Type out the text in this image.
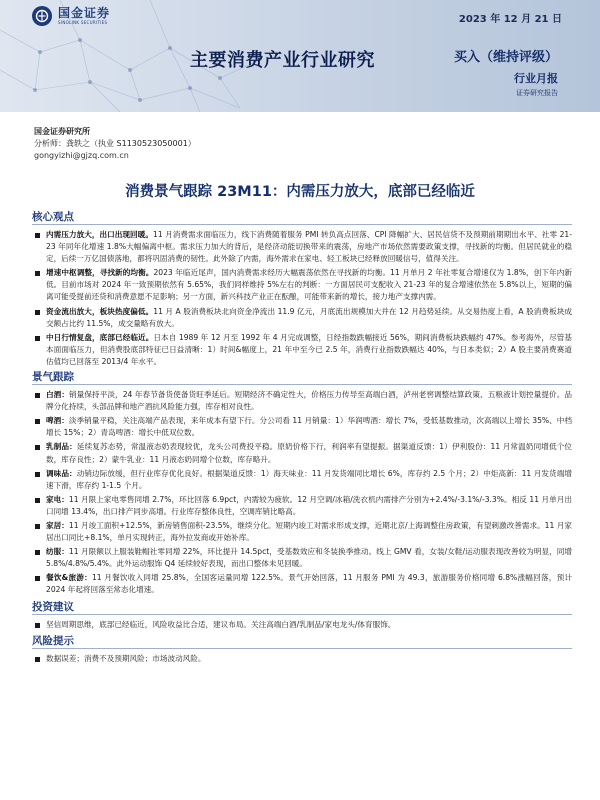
国金证券
SINOLINK SECURITIES	2023 年 12 月 21 日
主要消费产业行业研究	买入（维持评级）
行业月报
证券研究报告
国金证券研究所
分析师：龚轶之（执业 S1130523050001）
gongyizhi@gjzq.com.cn
消费景气跟踪 23M11：内需压力放大，底部已经临近
核心观点
内需压力放大，出口出现回暖。11 月消费需求面临压力，线下消费随着服务 PMI 转负高点回落、CPI 降幅扩大、居民信贷不及预期前期期出水平、社零 21-23 年同年化增速 1.8%大幅偏离中枢。需求压力加大的背后，是经济动能切换带来的震荡，房地产市场依然需要政策支撑，寻找新的均衡。但居民就业的稳定，后续一万亿国债落地，都将巩固消费的韧性。此外除了内需，海外需求在家电、轻工板块已经释放回暖信号，值得关注。
增速中枢调整，寻找新的均衡。2023 年临近尾声，国内消费需求经历大幅震荡依然在寻找新的均衡。11 月单月 2 年社零复合增速仅为 1.8%，创下年内新低。目前市场对 2024 年一致预期依然有 5.65%，我们同样维持 5%左右的判断：一方面居民可支配收入 21-23 年的复合增速依然在 5.8%以上，短期的偏离可能受提前还贷和消费意愿不足影响；另一方面，新兴科技产业正在酝酿，可能带来新的增长，接力地产支撑内需。
资金流出放大，板块热度偏低。11 月 A 股消费板块北向资金净流出 11.9 亿元，月底流出规模加大并在 12 月趋势延续。从交易热度上看，A 股消费板块成交额占比约 11.5%，成交量略有放大。
中日行情复盘，底部已经临近。日本自 1989 年 12 月至 1992 年 4 月完成调整，日经指数跌幅接近 56%，期间消费板块跌幅约 47%。参考海外，尽管基本面面临压力，但消费股底部特征已日益清晰：1）时间&幅度上，21 年中至今已 2.5 年，消费行业指数跌幅达 40%，与日本类似；2）A 股主要消费赛道估值均已回落至 2013/4 年水平。
景气跟踪
白酒：销量保持平淡，24 年春节备货使备货旺季延后。短期经济不确定性大，价格压力传导至高端白酒，泸州老窖调整结算政策、五粮液计划控量提价。品牌分化持续，头部品牌和地产酒抗风险能力强，库存相对良性。
啤酒：淡季销量平稳，关注高端产品表现，来年成本有望下行。分公司看 11 月销量：1）华润啤酒：增长 7%，受低基数推动，次高端以上增长 35%、中档增长 15%；2）青岛啤酒：增长中低双位数。
乳制品：延续复苏态势，常温液态奶表现较优，龙头公司费投平稳。原奶价格下行，利润率有望提振。据渠道反馈：1）伊利股份：11 月常温奶同增低个位数，库存良性；2）蒙牛乳业：11 月液态奶同增个位数，库存略升。
调味品：动销边际放缓，但行业库存优化良好。根据渠道反馈：1）海天味业：11 月发货端同比增长 6%，库存约 2.5 个月；2）中炬高新：11 月发货端增速下滑，库存约 1-1.5 个月。
家电：11 月限上家电零售同增 2.7%，环比回落 6.9pct，内需较为疲软。12 月空调/冰箱/洗衣机内需排产分别为+2.4%/-3.1%/-3.3%。相反 11 月单月出口同增 13.4%，出口排产同步高增。行业库存整体良性，空调库销比略高。
家居：11 月竣工面积+12.5%，新房销售面积-23.5%，继续分化。短期内竣工对需求形成支撑，近期北京/上海调整住房政策，有望刺激改善需求。11 月家居出口同比+8.1%，单月实现转正，海外拉发商或开始补库。
纺服：11 月限额以上服装鞋帽社零同增 22%，环比提升 14.5pct，受基数效应和冬装换季推动。线上 GMV 看，女装/女鞋/运动服表现改善较为明显，同增 5.8%/4.8%/5.4%。此外运动服饰 Q4 延续较好表现，而出口整体未见回暖。
餐饮&旅游：11 月餐饮收入同增 25.8%，全国客运量同增 122.5%。景气开始回落，11 月服务 PMI 为 49.3，旅游服务价格同增 6.8%涨幅回落，预计 2024 年起将回落至常态化增速。
投资建议
坚信周期思维，底部已经临近，风险收益比合适，建议布局。关注高端白酒/乳制品/家电龙头/体育服饰。
风险提示
数据误差；消费不及预期风险；市场波动风险。
